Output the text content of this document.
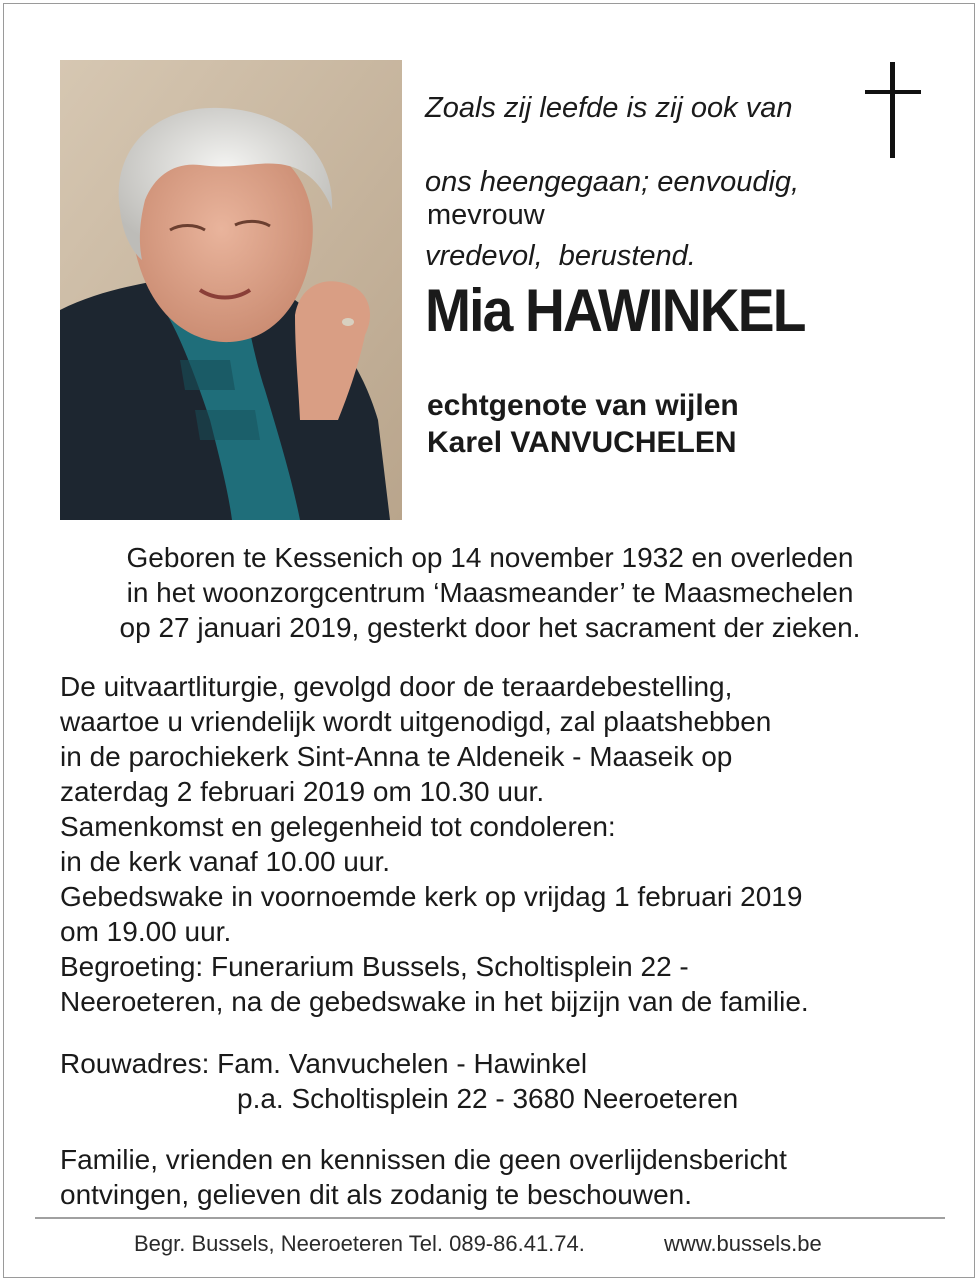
Zoals zij leefde is zij ook van

ons heengegaan; eenvoudig,

vredevol,  berustend.

mevrouw
Mia HAWINKEL
echtgenote van wijlen
Karel VANVUCHELEN
Geboren te Kessenich op 14 november 1932 en overleden
in het woonzorgcentrum ‘Maasmeander’ te Maasmechelen
op 27 januari 2019, gesterkt door het sacrament der zieken.
De uitvaartliturgie, gevolgd door de teraardebestelling,
waartoe u vriendelijk wordt uitgenodigd, zal plaatshebben
in de parochiekerk Sint-Anna te Aldeneik - Maaseik op
zaterdag 2 februari 2019 om 10.30 uur.
Samenkomst en gelegenheid tot condoleren:
in de kerk vanaf 10.00 uur.
Gebedswake in voornoemde kerk op vrijdag 1 februari 2019
om 19.00 uur.
Begroeting: Funerarium Bussels, Scholtisplein 22 -
Neeroeteren, na de gebedswake in het bijzijn van de familie.
Rouwadres: Fam. Vanvuchelen - Hawinkel
p.a. Scholtisplein 22 - 3680 Neeroeteren
Familie, vrienden en kennissen die geen overlijdensbericht
ontvingen, gelieven dit als zodanig te beschouwen.
Begr. Bussels, Neeroeteren Tel. 089-86.41.74.	www.bussels.be
